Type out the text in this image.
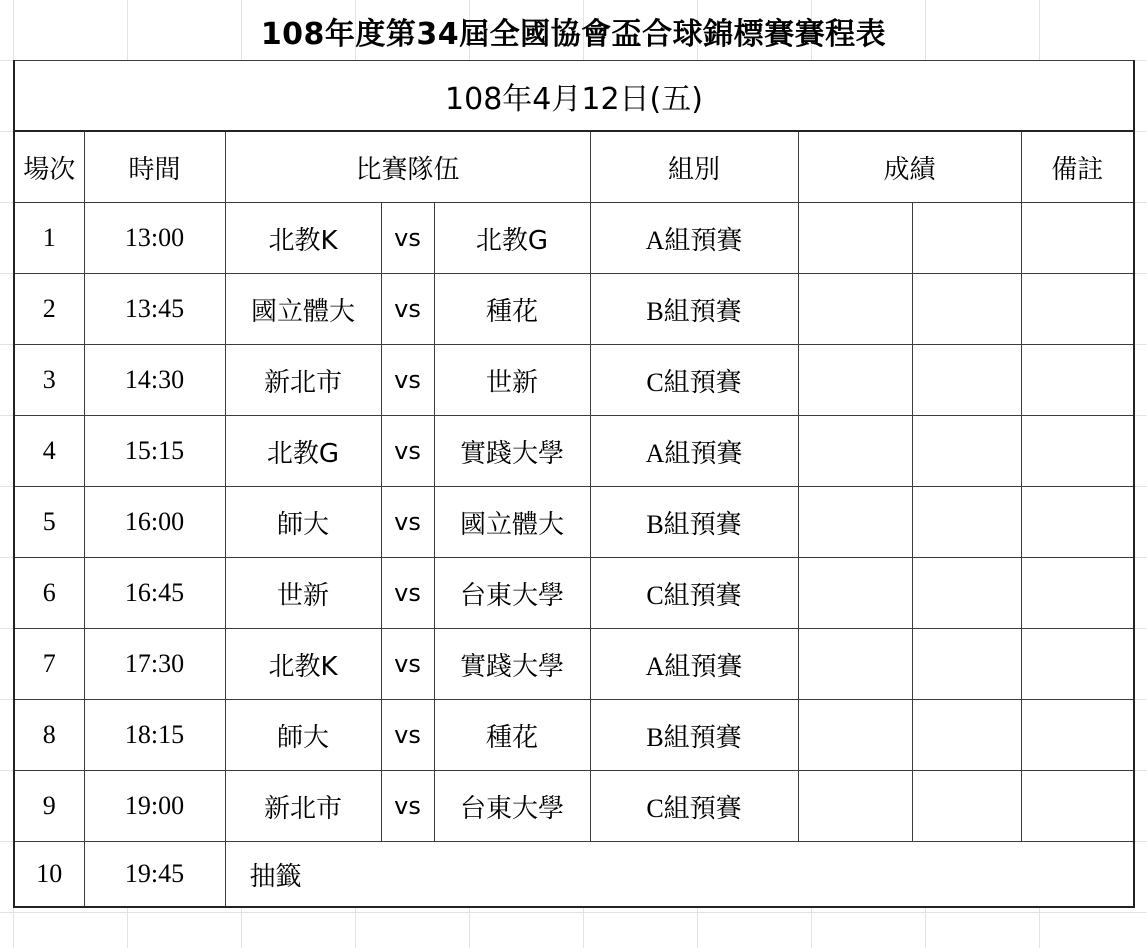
108年度第34屆全國協會盃合球錦標賽賽程表
108年4月12日(五)								
場次	時間	比賽隊伍			組別	成績		備註
1	13:00	北教K	vs	北教G	A組預賽			
2	13:45	國立體大	vs	種花	B組預賽			
3	14:30	新北市	vs	世新	C組預賽			
4	15:15	北教G	vs	實踐大學	A組預賽			
5	16:00	師大	vs	國立體大	B組預賽			
6	16:45	世新	vs	台東大學	C組預賽			
7	17:30	北教K	vs	實踐大學	A組預賽			
8	18:15	師大	vs	種花	B組預賽			
9	19:00	新北市	vs	台東大學	C組預賽			
10	19:45	抽籤						
